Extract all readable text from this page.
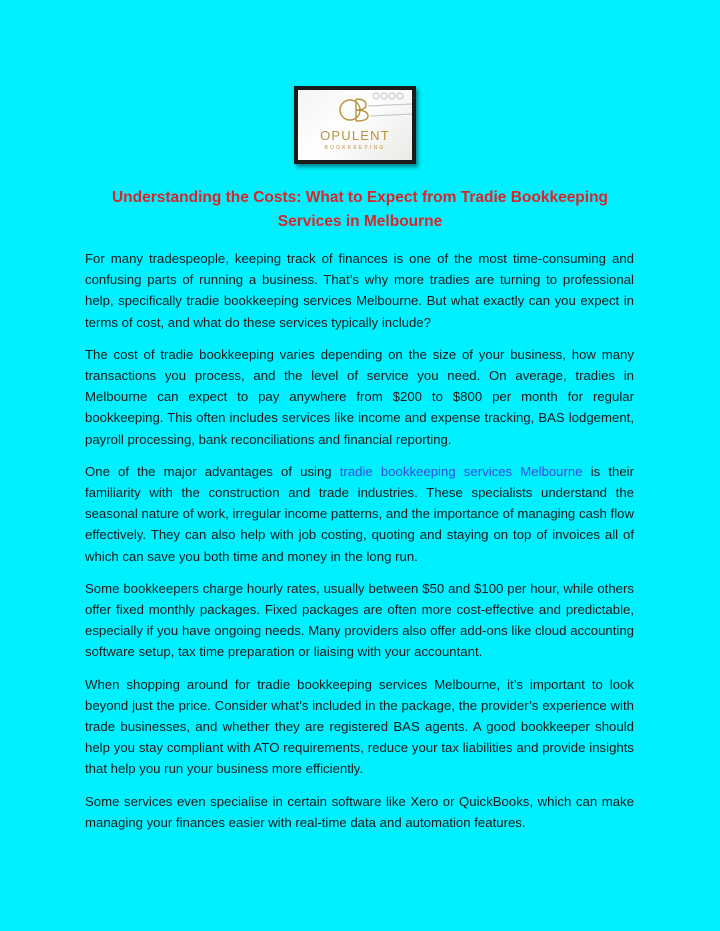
OPULENT
BOOKKEEPING
Understanding the Costs: What to Expect from Tradie Bookkeeping Services in Melbourne

For many tradespeople, keeping track of finances is one of the most time-consuming and confusing parts of running a business. That’s why more tradies are turning to professional help, specifically tradie bookkeeping services Melbourne. But what exactly can you expect in terms of cost, and what do these services typically include?

The cost of tradie bookkeeping varies depending on the size of your business, how many transactions you process, and the level of service you need. On average, tradies in Melbourne can expect to pay anywhere from $200 to $800 per month for regular bookkeeping. This often includes services like income and expense tracking, BAS lodgement, payroll processing, bank reconciliations and financial reporting.

One of the major advantages of using tradie bookkeeping services Melbourne is their familiarity with the construction and trade industries. These specialists understand the seasonal nature of work, irregular income patterns, and the importance of managing cash flow effectively. They can also help with job costing, quoting and staying on top of invoices all of which can save you both time and money in the long run.

Some bookkeepers charge hourly rates, usually between $50 and $100 per hour, while others offer fixed monthly packages. Fixed packages are often more cost-effective and predictable, especially if you have ongoing needs. Many providers also offer add-ons like cloud accounting software setup, tax time preparation or liaising with your accountant.

When shopping around for tradie bookkeeping services Melbourne, it’s important to look beyond just the price. Consider what’s included in the package, the provider’s experience with trade businesses, and whether they are registered BAS agents. A good bookkeeper should help you stay compliant with ATO requirements, reduce your tax liabilities and provide insights that help you run your business more efficiently.

Some services even specialise in certain software like Xero or QuickBooks, which can make managing your finances easier with real-time data and automation features.
